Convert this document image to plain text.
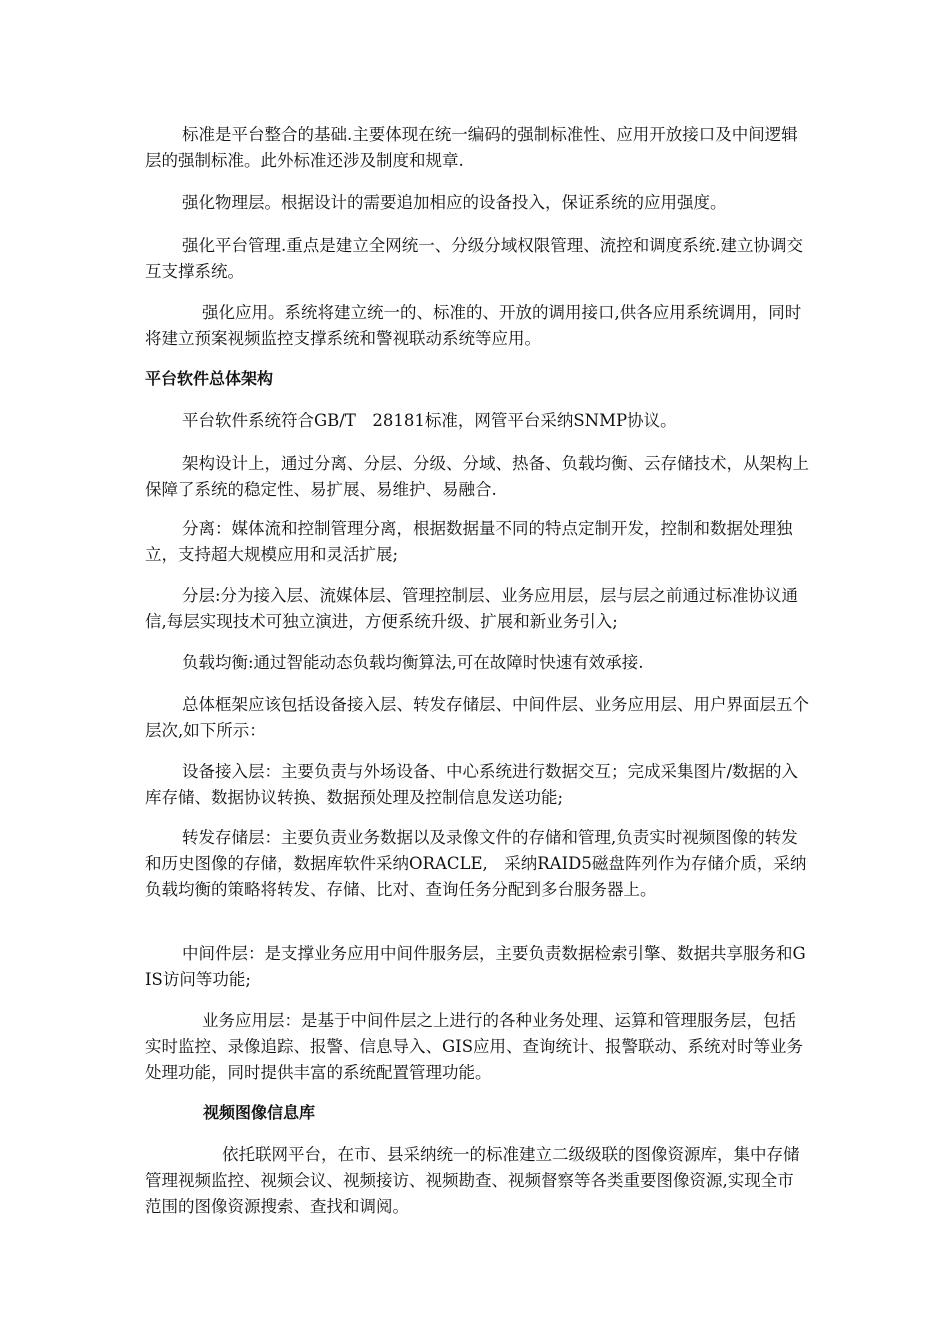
标准是平台整合的基础.主要体现在统一编码的强制标准性、应用开放接口及中间逻辑层的强制标准。此外标准还涉及制度和规章.

强化物理层。根据设计的需要追加相应的设备投入，保证系统的应用强度。

强化平台管理.重点是建立全网统一、分级分域权限管理、流控和调度系统.建立协调交互支撑系统。

强化应用。系统将建立统一的、标准的、开放的调用接口,供各应用系统调用，同时将建立预案视频监控支撑系统和警视联动系统等应用。

平台软件总体架构

平台软件系统符合GB/T　28181标准，网管平台采纳SNMP协议。

架构设计上，通过分离、分层、分级、分域、热备、负载均衡、云存储技术，从架构上保障了系统的稳定性、易扩展、易维护、易融合.

分离：媒体流和控制管理分离，根据数据量不同的特点定制开发，控制和数据处理独立，支持超大规模应用和灵活扩展;

分层:分为接入层、流媒体层、管理控制层、业务应用层，层与层之前通过标准协议通信,每层实现技术可独立演进，方便系统升级、扩展和新业务引入;

负载均衡:通过智能动态负载均衡算法,可在故障时快速有效承接.

总体框架应该包括设备接入层、转发存储层、中间件层、业务应用层、用户界面层五个层次,如下所示：

设备接入层：主要负责与外场设备、中心系统进行数据交互；完成采集图片/数据的入库存储、数据协议转换、数据预处理及控制信息发送功能;

转发存储层：主要负责业务数据以及录像文件的存储和管理,负责实时视频图像的转发和历史图像的存储，数据库软件采纳ORACLE,　采纳RAID5磁盘阵列作为存储介质，采纳负载均衡的策略将转发、存储、比对、查询任务分配到多台服务器上。

中间件层：是支撑业务应用中间件服务层，主要负责数据检索引擎、数据共享服务和GIS访问等功能;

业务应用层：是基于中间件层之上进行的各种业务处理、运算和管理服务层，包括实时监控、录像追踪、报警、信息导入、GIS应用、查询统计、报警联动、系统对时等业务处理功能，同时提供丰富的系统配置管理功能。

视频图像信息库

依托联网平台，在市、县采纳统一的标准建立二级级联的图像资源库，集中存储管理视频监控、视频会议、视频接访、视频勘查、视频督察等各类重要图像资源,实现全市范围的图像资源搜索、查找和调阅。
